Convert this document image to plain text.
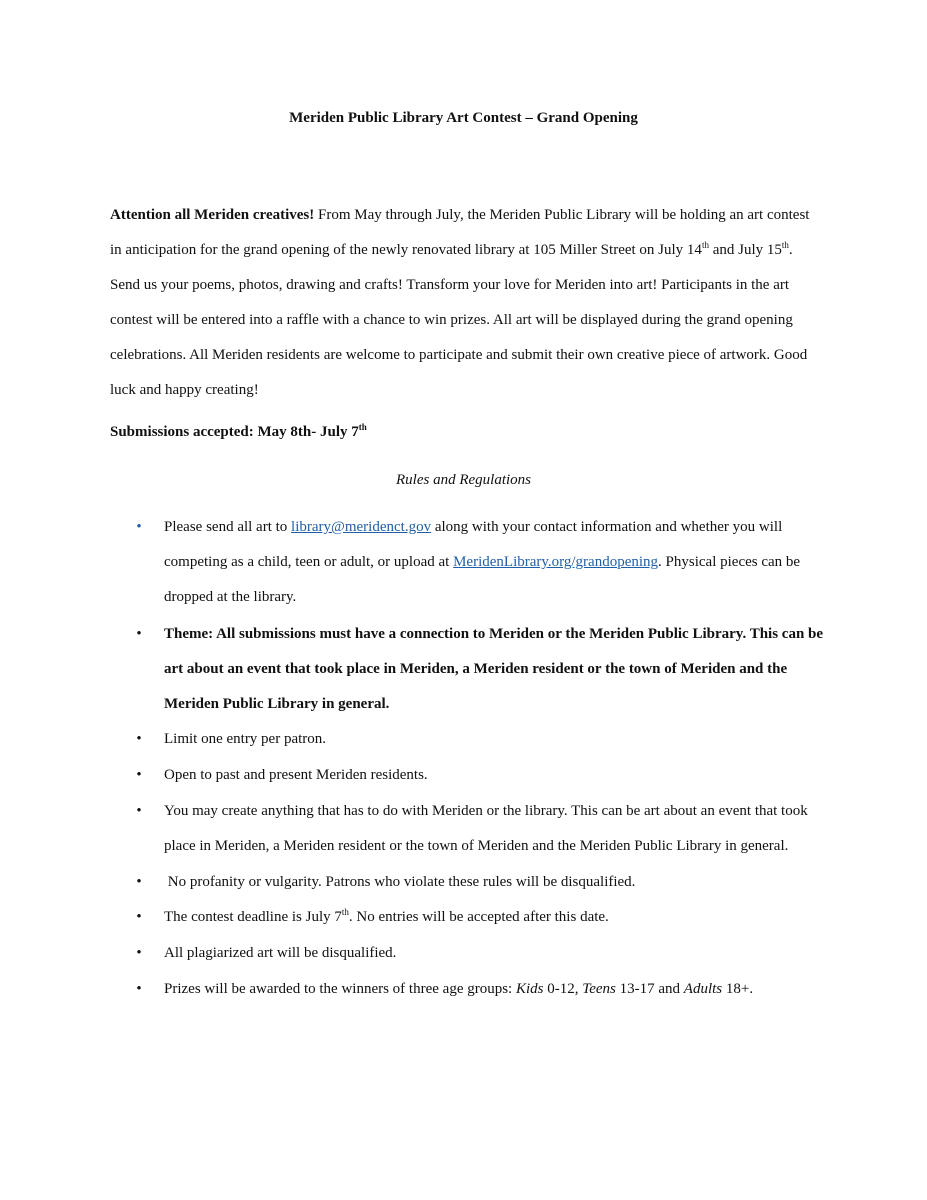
Meriden Public Library Art Contest – Grand Opening
Attention all Meriden creatives! From May through July, the Meriden Public Library will be holding an art contest in anticipation for the grand opening of the newly renovated library at 105 Miller Street on July 14th and July 15th. Send us your poems, photos, drawing and crafts! Transform your love for Meriden into art! Participants in the art contest will be entered into a raffle with a chance to win prizes. All art will be displayed during the grand opening celebrations. All Meriden residents are welcome to participate and submit their own creative piece of artwork. Good luck and happy creating!
Submissions accepted: May 8th- July 7th
Rules and Regulations
• Please send all art to library@meridenct.gov along with your contact information and whether you will competing as a child, teen or adult, or upload at MeridenLibrary.org/grandopening. Physical pieces can be dropped at the library.
• Theme: All submissions must have a connection to Meriden or the Meriden Public Library. This can be art about an event that took place in Meriden, a Meriden resident or the town of Meriden and the Meriden Public Library in general.
• Limit one entry per patron.
• Open to past and present Meriden residents.
• You may create anything that has to do with Meriden or the library. This can be art about an event that took place in Meriden, a Meriden resident or the town of Meriden and the Meriden Public Library in general.
• No profanity or vulgarity. Patrons who violate these rules will be disqualified.
• The contest deadline is July 7th. No entries will be accepted after this date.
• All plagiarized art will be disqualified.
• Prizes will be awarded to the winners of three age groups: Kids 0-12, Teens 13-17 and Adults 18+.
